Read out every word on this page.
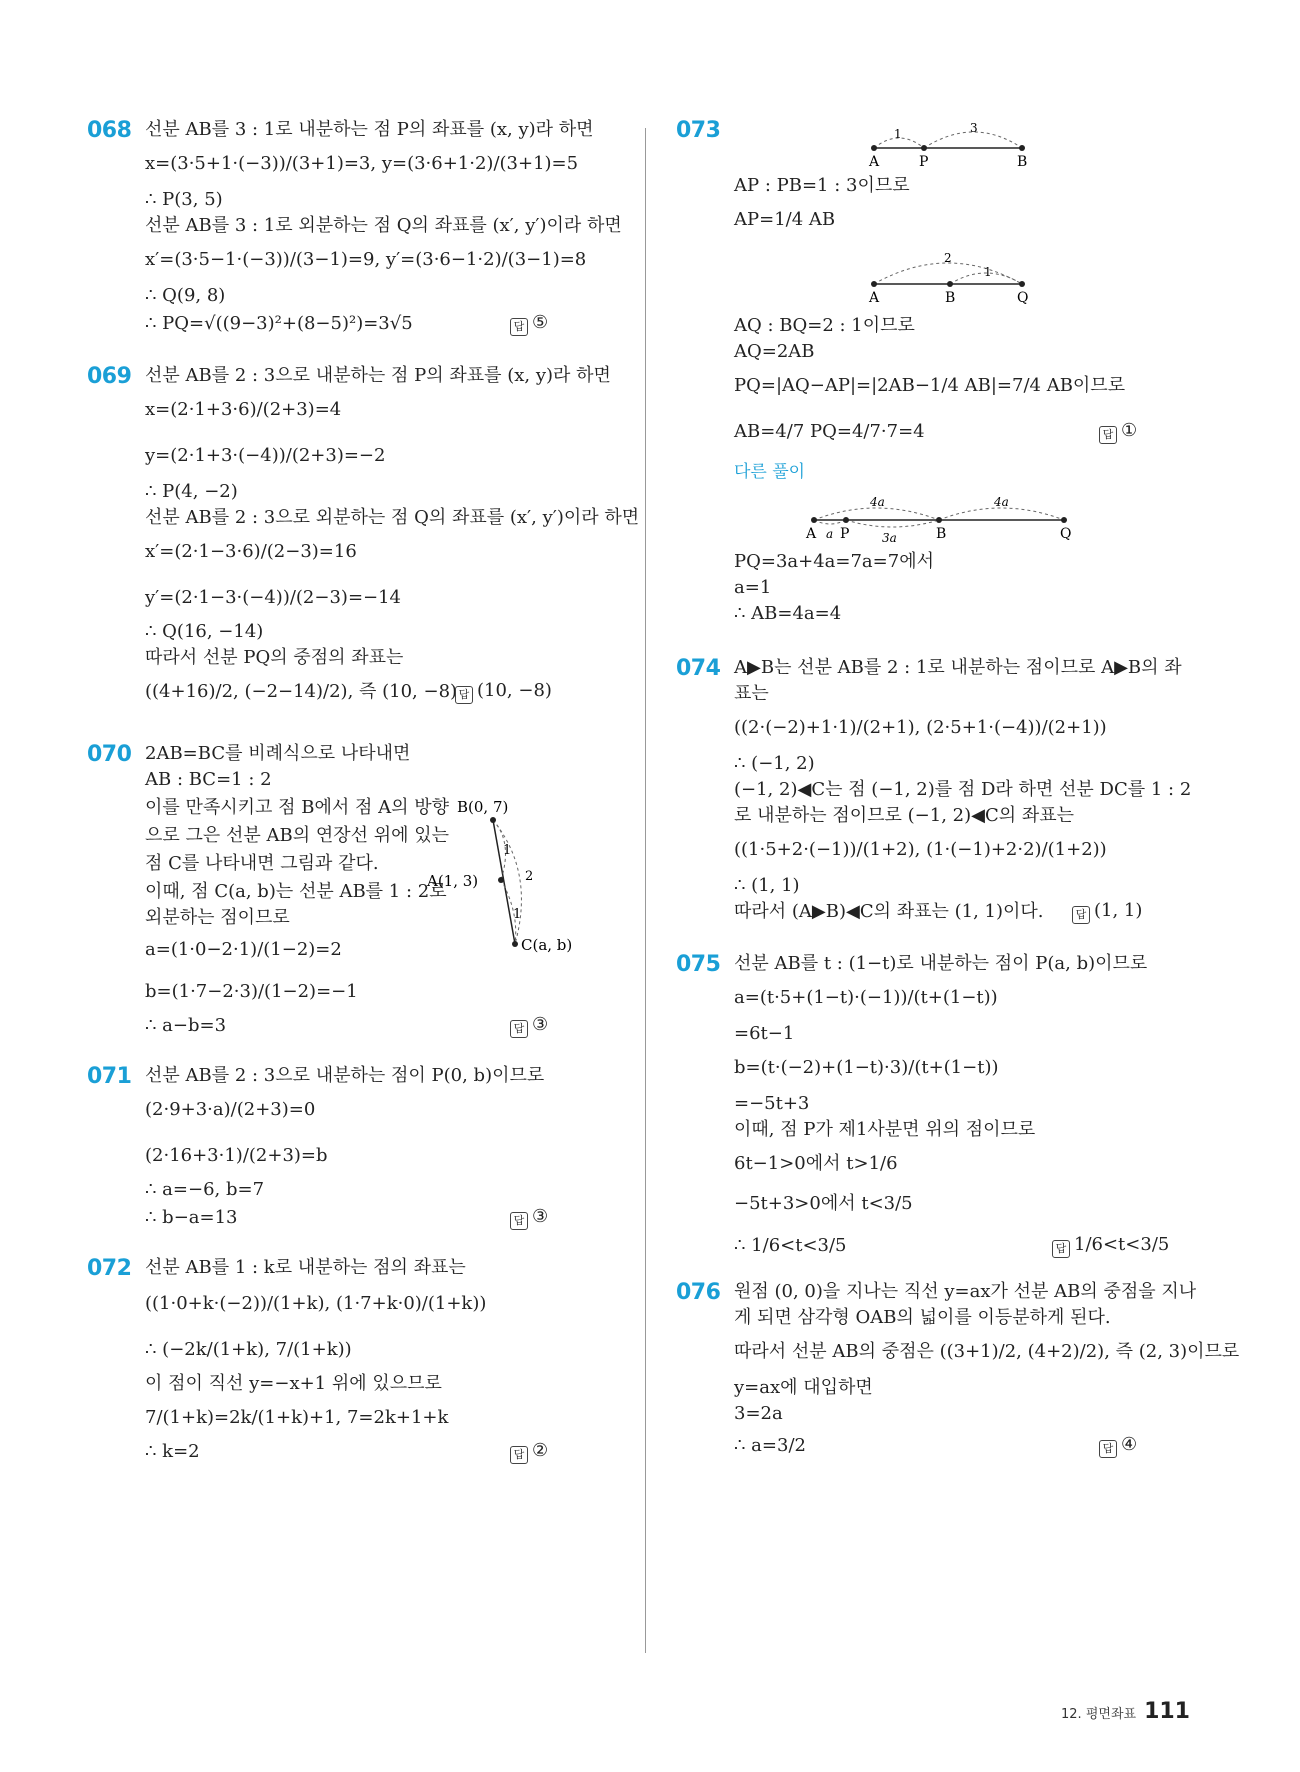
068 선분 AB를 3 : 1로 내분하는 점 P의 좌표를 (x, y)라 하면
x=(3·5+1·(−3))/(3+1)=3, y=(3·6+1·2)/(3+1)=5
∴ P(3, 5)
선분 AB를 3 : 1로 외분하는 점 Q의 좌표를 (x′, y′)이라 하면
x′=(3·5−1·(−3))/(3−1)=9, y′=(3·6−1·2)/(3−1)=8
∴ Q(9, 8)
∴ PQ=√((9−3)²+(8−5)²)=3√5	답 ⑤
069 선분 AB를 2 : 3으로 내분하는 점 P의 좌표를 (x, y)라 하면
x=(2·1+3·6)/(2+3)=4
y=(2·1+3·(−4))/(2+3)=−2
∴ P(4, −2)
선분 AB를 2 : 3으로 외분하는 점 Q의 좌표를 (x′, y′)이라 하면
x′=(2·1−3·6)/(2−3)=16
y′=(2·1−3·(−4))/(2−3)=−14
∴ Q(16, −14)
따라서 선분 PQ의 중점의 좌표는
((4+16)/2, (−2−14)/2), 즉 (10, −8) 답 (10, −8)
070 2AB=BC를 비례식으로 나타내면
AB : BC=1 : 2
이를 만족시키고 점 B에서 점 A의 방향
으로 그은 선분 AB의 연장선 위에 있는
점 C를 나타내면 그림과 같다.
이때, 점 C(a, b)는 선분 AB를 1 : 2로
외분하는 점이므로
a=(1·0−2·1)/(1−2)=2
b=(1·7−2·3)/(1−2)=−1
∴ a−b=3	답 ③
B(0, 7)
A(1, 3)
C(a, b)
1
2
1
071 선분 AB를 2 : 3으로 내분하는 점이 P(0, b)이므로
(2·9+3·a)/(2+3)=0
(2·16+3·1)/(2+3)=b
∴ a=−6, b=7
∴ b−a=13	답 ③
072 선분 AB를 1 : k로 내분하는 점의 좌표는
((1·0+k·(−2))/(1+k), (1·7+k·0)/(1+k))
∴ (−2k/(1+k), 7/(1+k))
이 점이 직선 y=−x+1 위에 있으므로
7/(1+k)=2k/(1+k)+1, 7=2k+1+k
∴ k=2	답 ②
073
A	P	B
1	3
AP : PB=1 : 3이므로
AP=1/4 AB
A	B	Q
2
1
AQ : BQ=2 : 1이므로
AQ=2AB
PQ=|AQ−AP|=|2AB−1/4 AB|=7/4 AB이므로
AB=4/7 PQ=4/7·7=4	답 ①
다른 풀이
A P	B	Q
a	3a
4a	4a
PQ=3a+4a=7a=7에서
a=1
∴ AB=4a=4
074 A▶B는 선분 AB를 2 : 1로 내분하는 점이므로 A▶B의 좌
표는
((2·(−2)+1·1)/(2+1), (2·5+1·(−4))/(2+1))
∴ (−1, 2)
(−1, 2)◀C는 점 (−1, 2)를 점 D라 하면 선분 DC를 1 : 2
로 내분하는 점이므로 (−1, 2)◀C의 좌표는
((1·5+2·(−1))/(1+2), (1·(−1)+2·2)/(1+2))
∴ (1, 1)
따라서 (A▶B)◀C의 좌표는 (1, 1)이다.	답 (1, 1)
075 선분 AB를 t : (1−t)로 내분하는 점이 P(a, b)이므로
a=(t·5+(1−t)·(−1))/(t+(1−t))
=6t−1
b=(t·(−2)+(1−t)·3)/(t+(1−t))
=−5t+3
이때, 점 P가 제1사분면 위의 점이므로
6t−1>0에서 t>1/6
−5t+3>0에서 t<3/5
∴ 1/6<t<3/5	답 1/6<t<3/5
076 원점 (0, 0)을 지나는 직선 y=ax가 선분 AB의 중점을 지나
게 되면 삼각형 OAB의 넓이를 이등분하게 된다.
따라서 선분 AB의 중점은 ((3+1)/2, (4+2)/2), 즉 (2, 3)이므로
y=ax에 대입하면
3=2a
∴ a=3/2	답 ④
12. 평면좌표 111
